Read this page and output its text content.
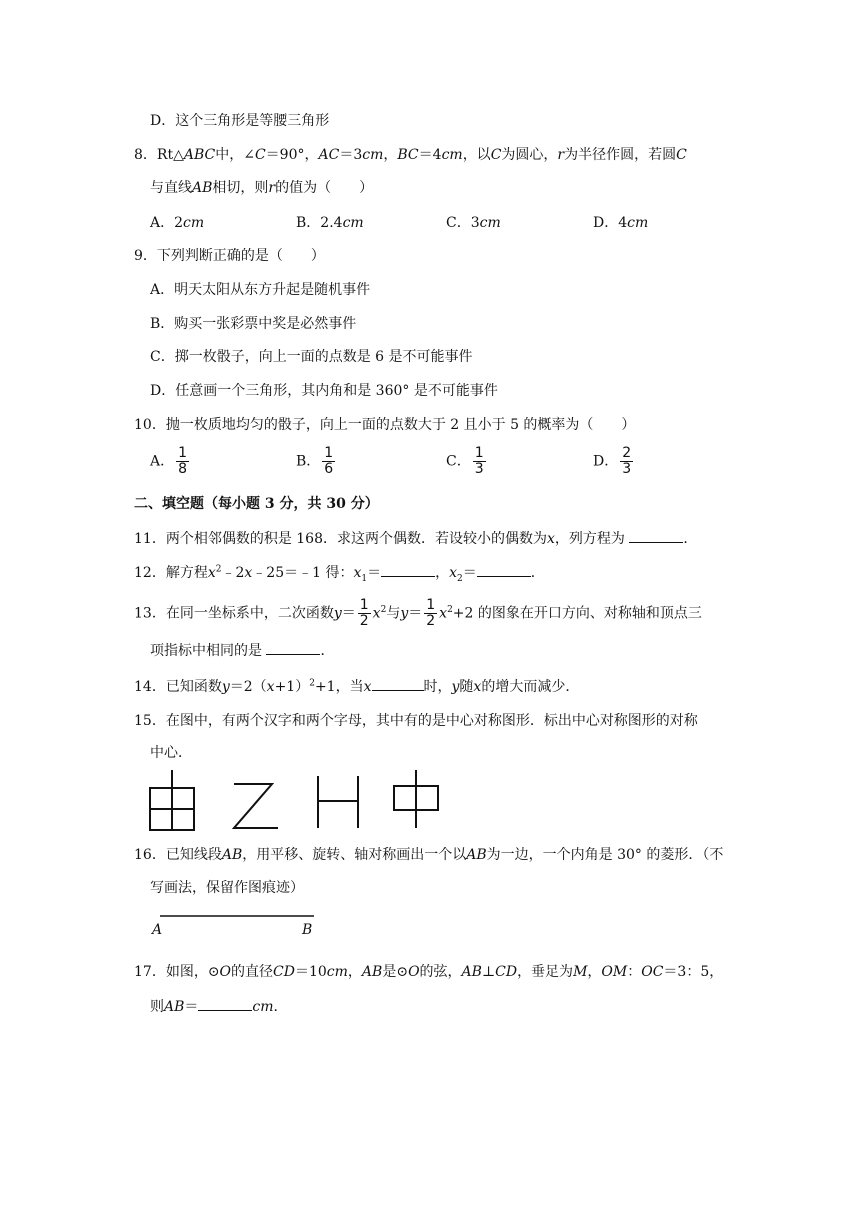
D．这个三角形是等腰三角形
8．Rt△ABC中，∠C＝90°，AC＝3cm，BC＝4cm，以C为圆心，r为半径作圆，若圆C
与直线AB相切，则r的值为（　　）
A．2cm	B．2.4cm	C．3cm	D．4cm
9．下列判断正确的是（　　）
A．明天太阳从东方升起是随机事件
B．购买一张彩票中奖是必然事件
C．掷一枚骰子，向上一面的点数是 6 是不可能事件
D．任意画一个三角形，其内角和是 360° 是不可能事件
10．抛一枚质地均匀的骰子，向上一面的点数大于 2 且小于 5 的概率为（　　）
A． $\frac{1}{8}$	B． $\frac{1}{6}$	C． $\frac{1}{3}$	D． $\frac{2}{3}$
二、填空题（每小题 3 分，共 30 分）
11．两个相邻偶数的积是 168．求这两个偶数．若设较小的偶数为x，列方程为	．
12．解方程$x^2﹣2x﹣25=﹣1$ 得：$x_1=$	，$x_2=$	．
13．在同一坐标系中，二次函数$y= \frac{1}{2} x^2$与$y= \frac{1}{2} x^2+2$ 的图象在开口方向、对称轴和顶点三
项指标中相同的是	．
14．已知函数$y=2(x+1)^2+1$，当x	时，y随x的增大而减少．
15．在图中，有两个汉字和两个字母，其中有的是中心对称图形．标出中心对称图形的对称
中心．
16．已知线段AB，用平移、旋转、轴对称画出一个以AB为一边，一个内角是 30° 的菱形．（不
写画法，保留作图痕迹）
A	B
17．如图，⊙O的直径CD＝10cm，AB是⊙O的弦，AB⊥CD，垂足为M，OM：OC＝3：5，
则AB＝	cm．
